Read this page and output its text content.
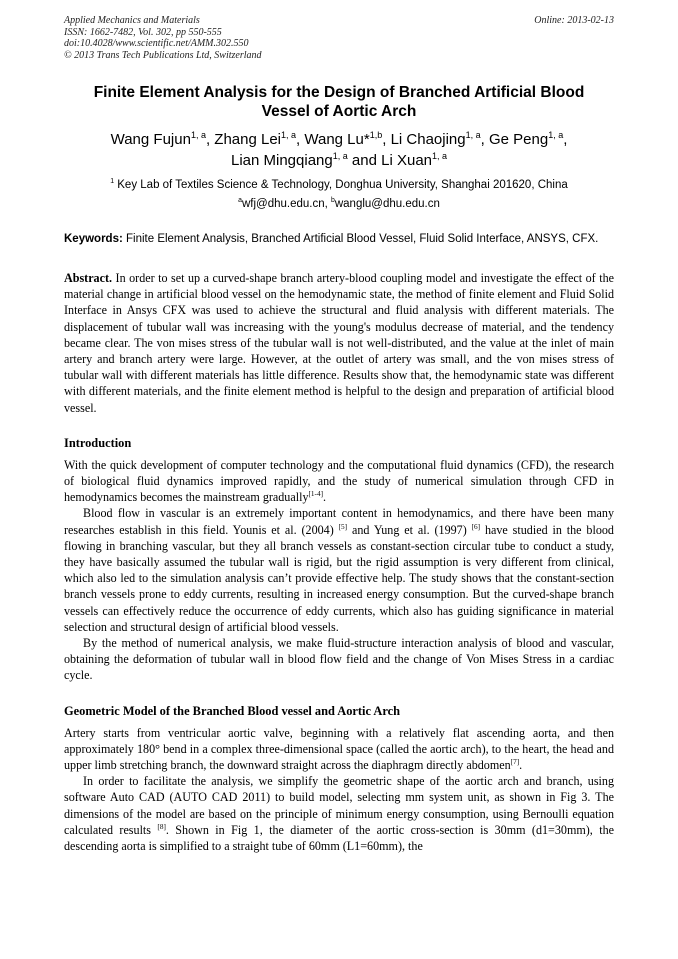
Applied Mechanics and Materials
ISSN: 1662-7482, Vol. 302, pp 550-555
doi:10.4028/www.scientific.net/AMM.302.550
© 2013 Trans Tech Publications Ltd, Switzerland
Online: 2013-02-13
Finite Element Analysis for the Design of Branched Artificial Blood Vessel of Aortic Arch
Wang Fujun$^{1, a}$, Zhang Lei$^{1, a}$, Wang Lu*$^{1,b}$, Li Chaojing$^{1, a}$, Ge Peng$^{1, a}$,
Lian Mingqiang$^{1, a}$ and Li Xuan$^{1, a}$
$^1$ Key Lab of Textiles Science & Technology, Donghua University, Shanghai 201620, China
$^a$wfj@dhu.edu.cn, $^b$wanglu@dhu.edu.cn
Keywords: Finite Element Analysis, Branched Artificial Blood Vessel, Fluid Solid Interface, ANSYS, CFX.
Abstract. In order to set up a curved-shape branch artery-blood coupling model and investigate the effect of the material change in artificial blood vessel on the hemodynamic state, the method of finite element and Fluid Solid Interface in Ansys CFX was used to achieve the structural and fluid analysis with different materials. The displacement of tubular wall was increasing with the young's modulus decrease of material, and the tendency became clear. The von mises stress of the tubular wall is not well-distributed, and the value at the inlet of main artery and branch artery were large. However, at the outlet of artery was small, and the von mises stress of tubular wall with different materials has little difference. Results show that, the hemodynamic state was different with different materials, and the finite element method is helpful to the design and preparation of artificial blood vessel.
Introduction
With the quick development of computer technology and the computational fluid dynamics (CFD), the research of biological fluid dynamics improved rapidly, and the study of numerical simulation through CFD in hemodynamics becomes the mainstream gradually[1-4].
Blood flow in vascular is an extremely important content in hemodynamics, and there have been many researches establish in this field. Younis et al. (2004) [5] and Yung et al. (1997) [6] have studied in the blood flowing in branching vascular, but they all branch vessels as constant-section circular tube to conduct a study, they have basically assumed the tubular wall is rigid, but the rigid assumption is very different from clinical, which also led to the simulation analysis can’t provide effective help. The study shows that the constant-section branch vessels prone to eddy currents, resulting in increased energy consumption. But the curved-shape branch vessels can effectively reduce the occurrence of eddy currents, which also has guiding significance in material selection and structural design of artificial blood vessels.
By the method of numerical analysis, we make fluid-structure interaction analysis of blood and vascular, obtaining the deformation of tubular wall in blood flow field and the change of Von Mises Stress in a cardiac cycle.
Geometric Model of the Branched Blood vessel and Aortic Arch
Artery starts from ventricular aortic valve, beginning with a relatively flat ascending aorta, and then approximately 180° bend in a complex three-dimensional space (called the aortic arch), to the heart, the head and upper limb stretching branch, the downward straight across the diaphragm directly abdomen[7].
In order to facilitate the analysis, we simplify the geometric shape of the aortic arch and branch, using software Auto CAD (AUTO CAD 2011) to build model, selecting mm system unit, as shown in Fig 3. The dimensions of the model are based on the principle of minimum energy consumption, using Bernoulli equation calculated results [8]. Shown in Fig 1, the diameter of the aortic cross-section is 30mm (d1=30mm), the descending aorta is simplified to a straight tube of 60mm (L1=60mm), the
